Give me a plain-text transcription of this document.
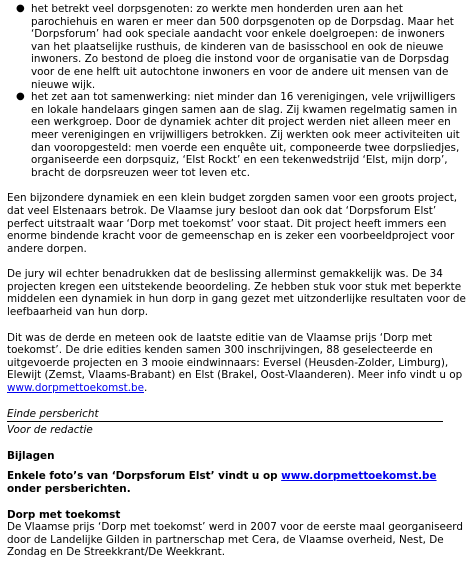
● het betrekt veel dorpsgenoten: zo werkte men honderden uren aan het parochiehuis en waren er meer dan 500 dorpsgenoten op de Dorpsdag. Maar het ‘Dorpsforum’ had ook speciale aandacht voor enkele doelgroepen: de inwoners van het plaatselijke rusthuis, de kinderen van de basisschool en ook de nieuwe inwoners. Zo bestond de ploeg die instond voor de organisatie van de Dorpsdag voor de ene helft uit autochtone inwoners en voor de andere uit mensen van de nieuwe wijk.
● het zet aan tot samenwerking: niet minder dan 16 verenigingen, vele vrijwilligers en lokale handelaars gingen samen aan de slag. Zij kwamen regelmatig samen in een werkgroep. Door de dynamiek achter dit project werden niet alleen meer en meer verenigingen en vrijwilligers betrokken. Zij werkten ook meer activiteiten uit dan vooropgesteld: men voerde een enquête uit, componeerde twee dorpsliedjes, organiseerde een dorpsquiz, ‘Elst Rockt’ en een tekenwedstrijd ‘Elst, mijn dorp’, bracht de dorpsreuzen weer tot leven etc.

Een bijzondere dynamiek en een klein budget zorgden samen voor een groots project, dat veel Elstenaars betrok. De Vlaamse jury besloot dan ook dat ‘Dorpsforum Elst’ perfect uitstraalt waar ‘Dorp met toekomst’ voor staat. Dit project heeft immers een enorme bindende kracht voor de gemeenschap en is zeker een voorbeeldproject voor andere dorpen.

De jury wil echter benadrukken dat de beslissing allerminst gemakkelijk was. De 34 projecten kregen een uitstekende beoordeling. Ze hebben stuk voor stuk met beperkte middelen een dynamiek in hun dorp in gang gezet met uitzonderlijke resultaten voor de leefbaarheid van hun dorp.

Dit was de derde en meteen ook de laatste editie van de Vlaamse prijs ‘Dorp met toekomst’. De drie edities kenden samen 300 inschrijvingen, 88 geselecteerde en uitgevoerde projecten en 3 mooie eindwinnaars: Eversel (Heusden-Zolder, Limburg), Elewijt (Zemst, Vlaams-Brabant) en Elst (Brakel, Oost-Vlaanderen). Meer info vindt u op www.dorpmettoekomst.be.

Einde persbericht

Voor de redactie

Bijlagen

Enkele foto’s van ‘Dorpsforum Elst’ vindt u op www.dorpmettoekomst.be onder persberichten.

Dorp met toekomst

De Vlaamse prijs ‘Dorp met toekomst’ werd in 2007 voor de eerste maal georganiseerd door de Landelijke Gilden in partnerschap met Cera, de Vlaamse overheid, Nest, De Zondag en De Streekkrant/De Weekkrant.
